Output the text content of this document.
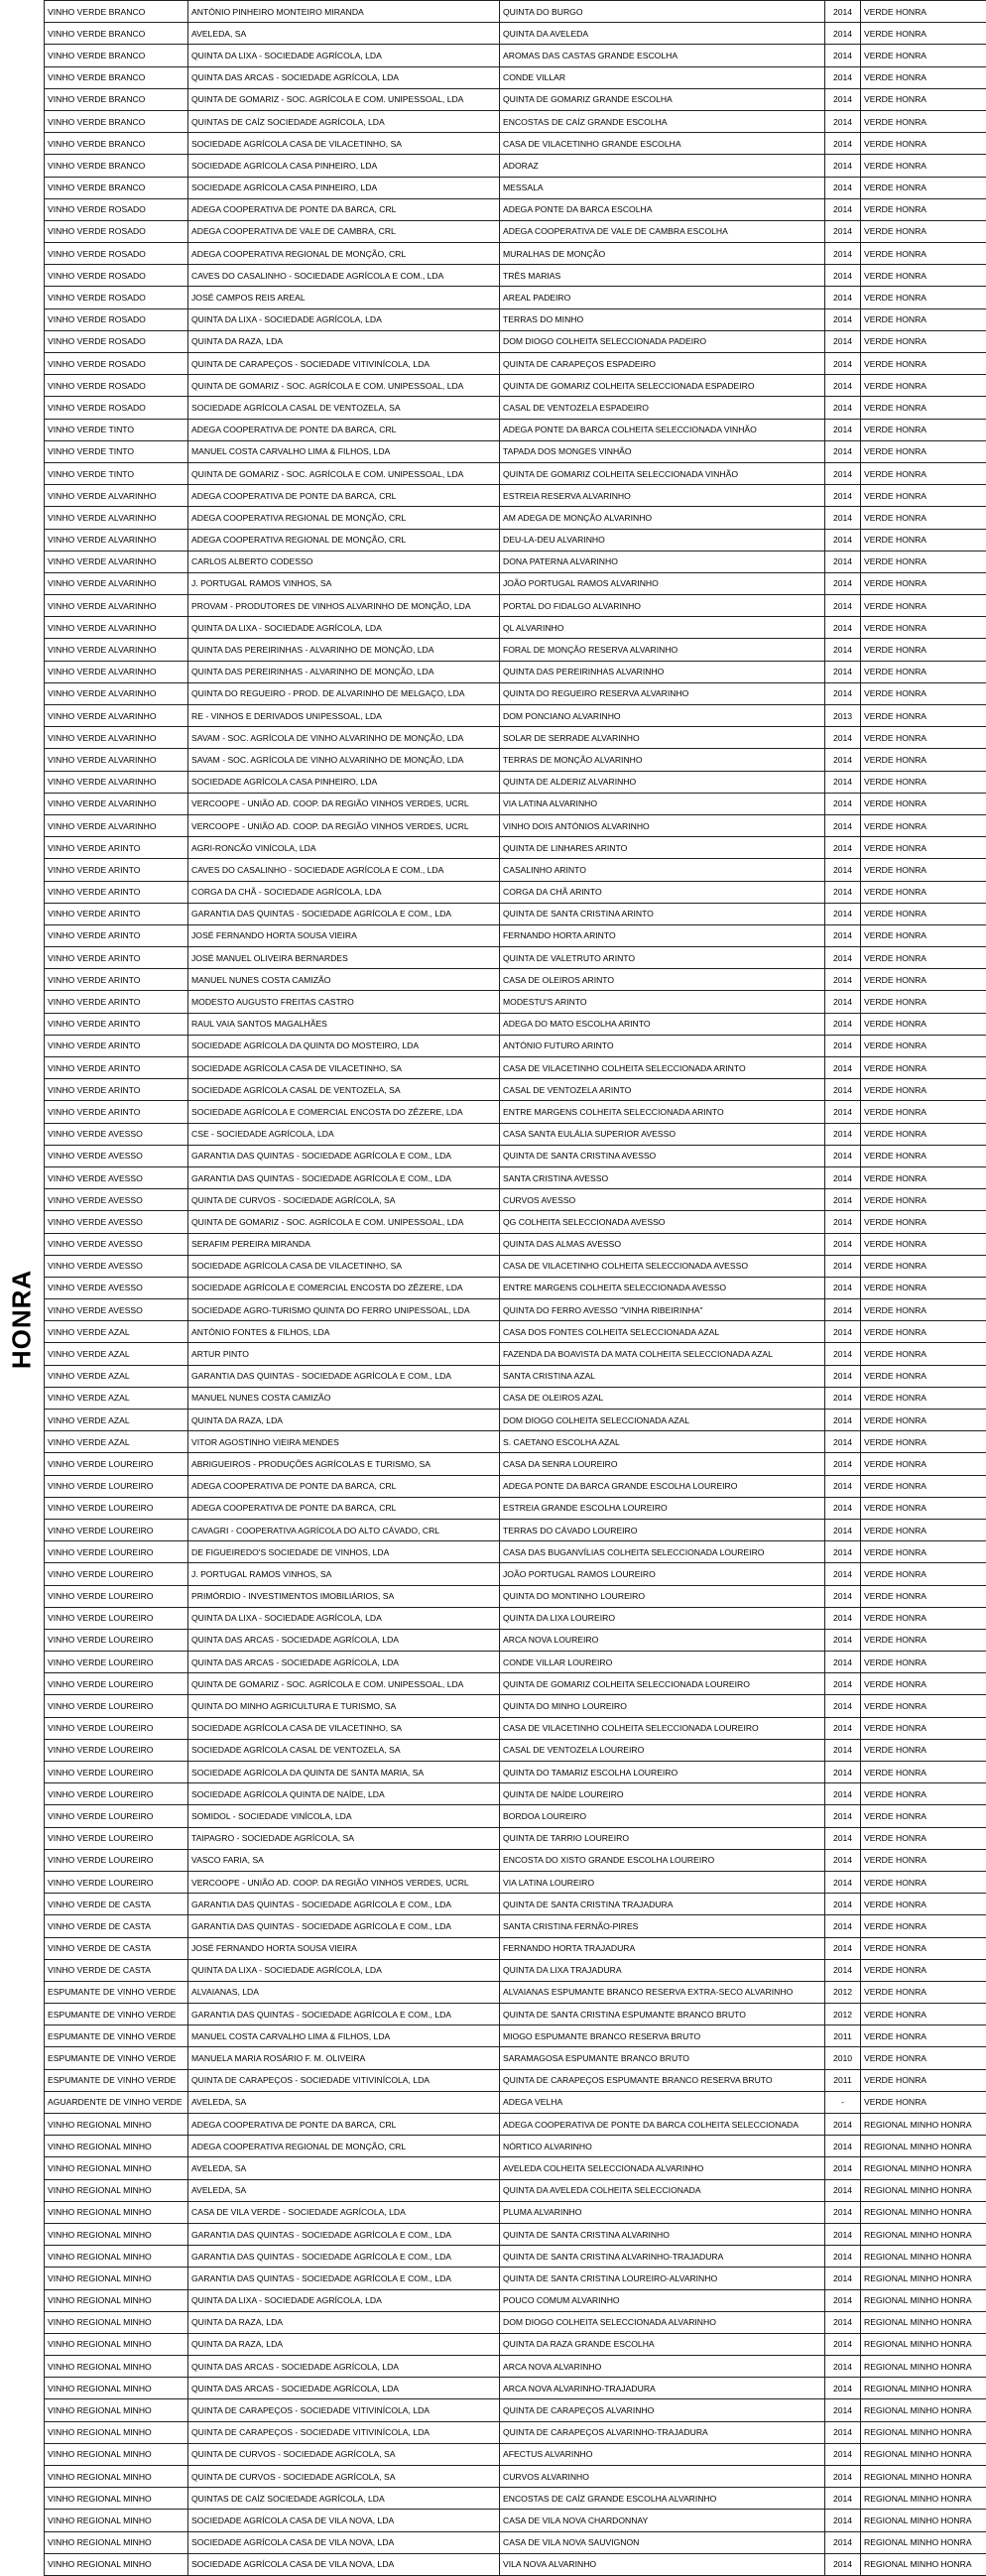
HONRA
VINHO VERDE BRANCO	ANTÓNIO PINHEIRO MONTEIRO MIRANDA	QUINTA DO BURGO	2014	VERDE HONRA
VINHO VERDE BRANCO	AVELEDA, SA	QUINTA DA AVELEDA	2014	VERDE HONRA
VINHO VERDE BRANCO	QUINTA DA LIXA - SOCIEDADE AGRÍCOLA, LDA	AROMAS DAS CASTAS GRANDE ESCOLHA	2014	VERDE HONRA
VINHO VERDE BRANCO	QUINTA DAS ARCAS - SOCIEDADE AGRÍCOLA, LDA	CONDE VILLAR	2014	VERDE HONRA
VINHO VERDE BRANCO	QUINTA DE GOMARIZ - SOC. AGRÍCOLA E COM. UNIPESSOAL, LDA	QUINTA DE GOMARIZ GRANDE ESCOLHA	2014	VERDE HONRA
VINHO VERDE BRANCO	QUINTAS DE CAÍZ SOCIEDADE AGRÍCOLA, LDA	ENCOSTAS DE CAÍZ GRANDE ESCOLHA	2014	VERDE HONRA
VINHO VERDE BRANCO	SOCIEDADE AGRÍCOLA CASA DE VILACETINHO, SA	CASA DE VILACETINHO GRANDE ESCOLHA	2014	VERDE HONRA
VINHO VERDE BRANCO	SOCIEDADE AGRÍCOLA CASA PINHEIRO, LDA	ADORAZ	2014	VERDE HONRA
VINHO VERDE BRANCO	SOCIEDADE AGRÍCOLA CASA PINHEIRO, LDA	MESSALA	2014	VERDE HONRA
VINHO VERDE ROSADO	ADEGA COOPERATIVA DE PONTE DA BARCA, CRL	ADEGA PONTE DA BARCA ESCOLHA	2014	VERDE HONRA
VINHO VERDE ROSADO	ADEGA COOPERATIVA DE VALE DE CAMBRA, CRL	ADEGA COOPERATIVA DE VALE DE CAMBRA ESCOLHA	2014	VERDE HONRA
VINHO VERDE ROSADO	ADEGA COOPERATIVA REGIONAL DE MONÇÃO, CRL	MURALHAS DE MONÇÃO	2014	VERDE HONRA
VINHO VERDE ROSADO	CAVES DO CASALINHO - SOCIEDADE AGRÍCOLA E COM., LDA	TRÊS MARIAS	2014	VERDE HONRA
VINHO VERDE ROSADO	JOSÉ CAMPOS REIS AREAL	AREAL PADEIRO	2014	VERDE HONRA
VINHO VERDE ROSADO	QUINTA DA LIXA - SOCIEDADE AGRÍCOLA, LDA	TERRAS DO MINHO	2014	VERDE HONRA
VINHO VERDE ROSADO	QUINTA DA RAZA, LDA	DOM DIOGO COLHEITA SELECCIONADA PADEIRO	2014	VERDE HONRA
VINHO VERDE ROSADO	QUINTA DE CARAPEÇOS - SOCIEDADE VITIVINÍCOLA, LDA	QUINTA DE CARAPEÇOS ESPADEIRO	2014	VERDE HONRA
VINHO VERDE ROSADO	QUINTA DE GOMARIZ - SOC. AGRÍCOLA E COM. UNIPESSOAL, LDA	QUINTA DE GOMARIZ COLHEITA SELECCIONADA ESPADEIRO	2014	VERDE HONRA
VINHO VERDE ROSADO	SOCIEDADE AGRÍCOLA CASAL DE VENTOZELA, SA	CASAL DE VENTOZELA ESPADEIRO	2014	VERDE HONRA
VINHO VERDE TINTO	ADEGA COOPERATIVA DE PONTE DA BARCA, CRL	ADEGA PONTE DA BARCA COLHEITA SELECCIONADA VINHÃO	2014	VERDE HONRA
VINHO VERDE TINTO	MANUEL COSTA CARVALHO LIMA & FILHOS, LDA	TAPADA DOS MONGES VINHÃO	2014	VERDE HONRA
VINHO VERDE TINTO	QUINTA DE GOMARIZ - SOC. AGRÍCOLA E COM. UNIPESSOAL, LDA	QUINTA DE GOMARIZ COLHEITA SELECCIONADA VINHÃO	2014	VERDE HONRA
VINHO VERDE ALVARINHO	ADEGA COOPERATIVA DE PONTE DA BARCA, CRL	ESTREIA RESERVA ALVARINHO	2014	VERDE HONRA
VINHO VERDE ALVARINHO	ADEGA COOPERATIVA REGIONAL DE MONÇÃO, CRL	AM ADEGA DE MONÇÃO ALVARINHO	2014	VERDE HONRA
VINHO VERDE ALVARINHO	ADEGA COOPERATIVA REGIONAL DE MONÇÃO, CRL	DEU-LA-DEU ALVARINHO	2014	VERDE HONRA
VINHO VERDE ALVARINHO	CARLOS ALBERTO CODESSO	DONA PATERNA ALVARINHO	2014	VERDE HONRA
VINHO VERDE ALVARINHO	J. PORTUGAL RAMOS VINHOS, SA	JOÃO PORTUGAL RAMOS ALVARINHO	2014	VERDE HONRA
VINHO VERDE ALVARINHO	PROVAM - PRODUTORES DE VINHOS ALVARINHO DE MONÇÃO, LDA	PORTAL DO FIDALGO ALVARINHO	2014	VERDE HONRA
VINHO VERDE ALVARINHO	QUINTA DA LIXA - SOCIEDADE AGRÍCOLA, LDA	QL ALVARINHO	2014	VERDE HONRA
VINHO VERDE ALVARINHO	QUINTA DAS PEREIRINHAS - ALVARINHO DE MONÇÃO, LDA	FORAL DE MONÇÃO RESERVA ALVARINHO	2014	VERDE HONRA
VINHO VERDE ALVARINHO	QUINTA DAS PEREIRINHAS - ALVARINHO DE MONÇÃO, LDA	QUINTA DAS PEREIRINHAS ALVARINHO	2014	VERDE HONRA
VINHO VERDE ALVARINHO	QUINTA DO REGUEIRO - PROD. DE ALVARINHO DE MELGAÇO, LDA	QUINTA DO REGUEIRO RESERVA ALVARINHO	2014	VERDE HONRA
VINHO VERDE ALVARINHO	RE - VINHOS E DERIVADOS UNIPESSOAL, LDA	DOM PONCIANO ALVARINHO	2013	VERDE HONRA
VINHO VERDE ALVARINHO	SAVAM - SOC. AGRÍCOLA DE VINHO ALVARINHO DE MONÇÃO, LDA	SOLAR DE SERRADE ALVARINHO	2014	VERDE HONRA
VINHO VERDE ALVARINHO	SAVAM - SOC. AGRÍCOLA DE VINHO ALVARINHO DE MONÇÃO, LDA	TERRAS DE MONÇÃO ALVARINHO	2014	VERDE HONRA
VINHO VERDE ALVARINHO	SOCIEDADE AGRÍCOLA CASA PINHEIRO, LDA	QUINTA DE ALDERIZ ALVARINHO	2014	VERDE HONRA
VINHO VERDE ALVARINHO	VERCOOPE - UNIÃO AD. COOP. DA REGIÃO VINHOS VERDES, UCRL	VIA LATINA ALVARINHO	2014	VERDE HONRA
VINHO VERDE ALVARINHO	VERCOOPE - UNIÃO AD. COOP. DA REGIÃO VINHOS VERDES, UCRL	VINHO DOIS ANTÓNIOS ALVARINHO	2014	VERDE HONRA
VINHO VERDE ARINTO	AGRI-RONCÃO VINÍCOLA, LDA	QUINTA DE LINHARES ARINTO	2014	VERDE HONRA
VINHO VERDE ARINTO	CAVES DO CASALINHO - SOCIEDADE AGRÍCOLA E COM., LDA	CASALINHO ARINTO	2014	VERDE HONRA
VINHO VERDE ARINTO	CORGA DA CHÃ - SOCIEDADE AGRÍCOLA, LDA	CORGA DA CHÃ ARINTO	2014	VERDE HONRA
VINHO VERDE ARINTO	GARANTIA DAS QUINTAS - SOCIEDADE AGRÍCOLA E COM., LDA	QUINTA DE SANTA CRISTINA ARINTO	2014	VERDE HONRA
VINHO VERDE ARINTO	JOSÉ FERNANDO HORTA SOUSA VIEIRA	FERNANDO HORTA ARINTO	2014	VERDE HONRA
VINHO VERDE ARINTO	JOSÉ MANUEL OLIVEIRA BERNARDES	QUINTA DE VALETRUTO ARINTO	2014	VERDE HONRA
VINHO VERDE ARINTO	MANUEL NUNES COSTA CAMIZÃO	CASA DE OLEIROS ARINTO	2014	VERDE HONRA
VINHO VERDE ARINTO	MODESTO AUGUSTO FREITAS CASTRO	MODESTU'S ARINTO	2014	VERDE HONRA
VINHO VERDE ARINTO	RAUL VAIA SANTOS MAGALHÃES	ADEGA DO MATO ESCOLHA ARINTO	2014	VERDE HONRA
VINHO VERDE ARINTO	SOCIEDADE AGRÍCOLA DA QUINTA DO MOSTEIRO, LDA	ANTÓNIO FUTURO ARINTO	2014	VERDE HONRA
VINHO VERDE ARINTO	SOCIEDADE AGRÍCOLA CASA DE VILACETINHO, SA	CASA DE VILACETINHO COLHEITA SELECCIONADA ARINTO	2014	VERDE HONRA
VINHO VERDE ARINTO	SOCIEDADE AGRÍCOLA CASAL DE VENTOZELA, SA	CASAL DE VENTOZELA ARINTO	2014	VERDE HONRA
VINHO VERDE ARINTO	SOCIEDADE AGRÍCOLA E COMERCIAL ENCOSTA DO ZÊZERE, LDA	ENTRE MARGENS COLHEITA SELECCIONADA ARINTO	2014	VERDE HONRA
VINHO VERDE AVESSO	CSE - SOCIEDADE AGRÍCOLA, LDA	CASA SANTA EULÁLIA SUPERIOR AVESSO	2014	VERDE HONRA
VINHO VERDE AVESSO	GARANTIA DAS QUINTAS - SOCIEDADE AGRÍCOLA E COM., LDA	QUINTA DE SANTA CRISTINA AVESSO	2014	VERDE HONRA
VINHO VERDE AVESSO	GARANTIA DAS QUINTAS - SOCIEDADE AGRÍCOLA E COM., LDA	SANTA CRISTINA AVESSO	2014	VERDE HONRA
VINHO VERDE AVESSO	QUINTA DE CURVOS - SOCIEDADE AGRÍCOLA, SA	CURVOS AVESSO	2014	VERDE HONRA
VINHO VERDE AVESSO	QUINTA DE GOMARIZ - SOC. AGRÍCOLA E COM. UNIPESSOAL, LDA	QG COLHEITA SELECCIONADA AVESSO	2014	VERDE HONRA
VINHO VERDE AVESSO	SERAFIM PEREIRA MIRANDA	QUINTA DAS ALMAS AVESSO	2014	VERDE HONRA
VINHO VERDE AVESSO	SOCIEDADE AGRÍCOLA CASA DE VILACETINHO, SA	CASA DE VILACETINHO COLHEITA SELECCIONADA AVESSO	2014	VERDE HONRA
VINHO VERDE AVESSO	SOCIEDADE AGRÍCOLA E COMERCIAL ENCOSTA DO ZÊZERE, LDA	ENTRE MARGENS COLHEITA SELECCIONADA AVESSO	2014	VERDE HONRA
VINHO VERDE AVESSO	SOCIEDADE AGRO-TURISMO QUINTA DO FERRO UNIPESSOAL, LDA	QUINTA DO FERRO AVESSO "VINHA RIBEIRINHA"	2014	VERDE HONRA
VINHO VERDE AZAL	ANTÓNIO FONTES & FILHOS, LDA	CASA DOS FONTES COLHEITA SELECCIONADA AZAL	2014	VERDE HONRA
VINHO VERDE AZAL	ARTUR PINTO	FAZENDA DA BOAVISTA DA MATA COLHEITA SELECCIONADA AZAL	2014	VERDE HONRA
VINHO VERDE AZAL	GARANTIA DAS QUINTAS - SOCIEDADE AGRÍCOLA E COM., LDA	SANTA CRISTINA AZAL	2014	VERDE HONRA
VINHO VERDE AZAL	MANUEL NUNES COSTA CAMIZÃO	CASA DE OLEIROS AZAL	2014	VERDE HONRA
VINHO VERDE AZAL	QUINTA DA RAZA, LDA	DOM DIOGO COLHEITA SELECCIONADA AZAL	2014	VERDE HONRA
VINHO VERDE AZAL	VITOR AGOSTINHO VIEIRA MENDES	S. CAETANO ESCOLHA AZAL	2014	VERDE HONRA
VINHO VERDE LOUREIRO	ABRIGUEIROS - PRODUÇÕES AGRÍCOLAS E TURISMO, SA	CASA DA SENRA LOUREIRO	2014	VERDE HONRA
VINHO VERDE LOUREIRO	ADEGA COOPERATIVA DE PONTE DA BARCA, CRL	ADEGA PONTE DA BARCA GRANDE ESCOLHA LOUREIRO	2014	VERDE HONRA
VINHO VERDE LOUREIRO	ADEGA COOPERATIVA DE PONTE DA BARCA, CRL	ESTREIA GRANDE ESCOLHA LOUREIRO	2014	VERDE HONRA
VINHO VERDE LOUREIRO	CAVAGRI - COOPERATIVA AGRÍCOLA DO ALTO CÁVADO, CRL	TERRAS DO CÁVADO LOUREIRO	2014	VERDE HONRA
VINHO VERDE LOUREIRO	DE FIGUEIREDO'S SOCIEDADE DE VINHOS, LDA	CASA DAS BUGANVÍLIAS COLHEITA SELECCIONADA LOUREIRO	2014	VERDE HONRA
VINHO VERDE LOUREIRO	J. PORTUGAL RAMOS VINHOS, SA	JOÃO PORTUGAL RAMOS LOUREIRO	2014	VERDE HONRA
VINHO VERDE LOUREIRO	PRIMÓRDIO - INVESTIMENTOS IMOBILIÁRIOS, SA	QUINTA DO MONTINHO LOUREIRO	2014	VERDE HONRA
VINHO VERDE LOUREIRO	QUINTA DA LIXA - SOCIEDADE AGRÍCOLA, LDA	QUINTA DA LIXA LOUREIRO	2014	VERDE HONRA
VINHO VERDE LOUREIRO	QUINTA DAS ARCAS - SOCIEDADE AGRÍCOLA, LDA	ARCA NOVA LOUREIRO	2014	VERDE HONRA
VINHO VERDE LOUREIRO	QUINTA DAS ARCAS - SOCIEDADE AGRÍCOLA, LDA	CONDE VILLAR LOUREIRO	2014	VERDE HONRA
VINHO VERDE LOUREIRO	QUINTA DE GOMARIZ - SOC. AGRÍCOLA E COM. UNIPESSOAL, LDA	QUINTA DE GOMARIZ COLHEITA SELECCIONADA LOUREIRO	2014	VERDE HONRA
VINHO VERDE LOUREIRO	QUINTA DO MINHO AGRICULTURA E TURISMO, SA	QUINTA DO MINHO LOUREIRO	2014	VERDE HONRA
VINHO VERDE LOUREIRO	SOCIEDADE AGRÍCOLA CASA DE VILACETINHO, SA	CASA DE VILACETINHO COLHEITA SELECCIONADA LOUREIRO	2014	VERDE HONRA
VINHO VERDE LOUREIRO	SOCIEDADE AGRÍCOLA CASAL DE VENTOZELA, SA	CASAL DE VENTOZELA LOUREIRO	2014	VERDE HONRA
VINHO VERDE LOUREIRO	SOCIEDADE AGRÍCOLA DA QUINTA DE SANTA MARIA, SA	QUINTA DO TAMARIZ ESCOLHA LOUREIRO	2014	VERDE HONRA
VINHO VERDE LOUREIRO	SOCIEDADE AGRÍCOLA QUINTA DE NAÍDE, LDA	QUINTA DE NAÍDE LOUREIRO	2014	VERDE HONRA
VINHO VERDE LOUREIRO	SOMIDOL - SOCIEDADE VINÍCOLA, LDA	BORDOA LOUREIRO	2014	VERDE HONRA
VINHO VERDE LOUREIRO	TAIPAGRO - SOCIEDADE AGRÍCOLA, SA	QUINTA DE TARRIO LOUREIRO	2014	VERDE HONRA
VINHO VERDE LOUREIRO	VASCO FARIA, SA	ENCOSTA DO XISTO GRANDE ESCOLHA LOUREIRO	2014	VERDE HONRA
VINHO VERDE LOUREIRO	VERCOOPE - UNIÃO AD. COOP. DA REGIÃO VINHOS VERDES, UCRL	VIA LATINA LOUREIRO	2014	VERDE HONRA
VINHO VERDE DE CASTA	GARANTIA DAS QUINTAS - SOCIEDADE AGRÍCOLA E COM., LDA	QUINTA DE SANTA CRISTINA TRAJADURA	2014	VERDE HONRA
VINHO VERDE DE CASTA	GARANTIA DAS QUINTAS - SOCIEDADE AGRÍCOLA E COM., LDA	SANTA CRISTINA FERNÃO-PIRES	2014	VERDE HONRA
VINHO VERDE DE CASTA	JOSÉ FERNANDO HORTA SOUSA VIEIRA	FERNANDO HORTA TRAJADURA	2014	VERDE HONRA
VINHO VERDE DE CASTA	QUINTA DA LIXA - SOCIEDADE AGRÍCOLA, LDA	QUINTA DA LIXA TRAJADURA	2014	VERDE HONRA
ESPUMANTE DE VINHO VERDE	ALVAIANAS, LDA	ALVAIANAS ESPUMANTE BRANCO RESERVA EXTRA-SECO ALVARINHO	2012	VERDE HONRA
ESPUMANTE DE VINHO VERDE	GARANTIA DAS QUINTAS - SOCIEDADE AGRÍCOLA E COM., LDA	QUINTA DE SANTA CRISTINA ESPUMANTE BRANCO BRUTO	2012	VERDE HONRA
ESPUMANTE DE VINHO VERDE	MANUEL COSTA CARVALHO LIMA & FILHOS, LDA	MIOGO ESPUMANTE BRANCO RESERVA BRUTO	2011	VERDE HONRA
ESPUMANTE DE VINHO VERDE	MANUELA MARIA ROSÁRIO F. M. OLIVEIRA	SARAMAGOSA ESPUMANTE BRANCO BRUTO	2010	VERDE HONRA
ESPUMANTE DE VINHO VERDE	QUINTA DE CARAPEÇOS - SOCIEDADE VITIVINÍCOLA, LDA	QUINTA DE CARAPEÇOS ESPUMANTE BRANCO RESERVA BRUTO	2011	VERDE HONRA
AGUARDENTE DE VINHO VERDE	AVELEDA, SA	ADEGA VELHA	-	VERDE HONRA
VINHO REGIONAL MINHO	ADEGA COOPERATIVA DE PONTE DA BARCA, CRL	ADEGA COOPERATIVA DE PONTE DA BARCA COLHEITA SELECCIONADA	2014	REGIONAL MINHO HONRA
VINHO REGIONAL MINHO	ADEGA COOPERATIVA REGIONAL DE MONÇÃO, CRL	NÓRTICO ALVARINHO	2014	REGIONAL MINHO HONRA
VINHO REGIONAL MINHO	AVELEDA, SA	AVELEDA COLHEITA SELECCIONADA ALVARINHO	2014	REGIONAL MINHO HONRA
VINHO REGIONAL MINHO	AVELEDA, SA	QUINTA DA AVELEDA COLHEITA SELECCIONADA	2014	REGIONAL MINHO HONRA
VINHO REGIONAL MINHO	CASA DE VILA VERDE - SOCIEDADE AGRÍCOLA, LDA	PLUMA ALVARINHO	2014	REGIONAL MINHO HONRA
VINHO REGIONAL MINHO	GARANTIA DAS QUINTAS - SOCIEDADE AGRÍCOLA E COM., LDA	QUINTA DE SANTA CRISTINA ALVARINHO	2014	REGIONAL MINHO HONRA
VINHO REGIONAL MINHO	GARANTIA DAS QUINTAS - SOCIEDADE AGRÍCOLA E COM., LDA	QUINTA DE SANTA CRISTINA ALVARINHO-TRAJADURA	2014	REGIONAL MINHO HONRA
VINHO REGIONAL MINHO	GARANTIA DAS QUINTAS - SOCIEDADE AGRÍCOLA E COM., LDA	QUINTA DE SANTA CRISTINA LOUREIRO-ALVARINHO	2014	REGIONAL MINHO HONRA
VINHO REGIONAL MINHO	QUINTA DA LIXA - SOCIEDADE AGRÍCOLA, LDA	POUCO COMUM ALVARINHO	2014	REGIONAL MINHO HONRA
VINHO REGIONAL MINHO	QUINTA DA RAZA, LDA	DOM DIOGO COLHEITA SELECCIONADA ALVARINHO	2014	REGIONAL MINHO HONRA
VINHO REGIONAL MINHO	QUINTA DA RAZA, LDA	QUINTA DA RAZA GRANDE ESCOLHA	2014	REGIONAL MINHO HONRA
VINHO REGIONAL MINHO	QUINTA DAS ARCAS - SOCIEDADE AGRÍCOLA, LDA	ARCA NOVA ALVARINHO	2014	REGIONAL MINHO HONRA
VINHO REGIONAL MINHO	QUINTA DAS ARCAS - SOCIEDADE AGRÍCOLA, LDA	ARCA NOVA ALVARINHO-TRAJADURA	2014	REGIONAL MINHO HONRA
VINHO REGIONAL MINHO	QUINTA DE CARAPEÇOS - SOCIEDADE VITIVINÍCOLA, LDA	QUINTA DE CARAPEÇOS ALVARINHO	2014	REGIONAL MINHO HONRA
VINHO REGIONAL MINHO	QUINTA DE CARAPEÇOS - SOCIEDADE VITIVINÍCOLA, LDA	QUINTA DE CARAPEÇOS ALVARINHO-TRAJADURA	2014	REGIONAL MINHO HONRA
VINHO REGIONAL MINHO	QUINTA DE CURVOS - SOCIEDADE AGRÍCOLA, SA	AFECTUS ALVARINHO	2014	REGIONAL MINHO HONRA
VINHO REGIONAL MINHO	QUINTA DE CURVOS - SOCIEDADE AGRÍCOLA, SA	CURVOS ALVARINHO	2014	REGIONAL MINHO HONRA
VINHO REGIONAL MINHO	QUINTAS DE CAÍZ SOCIEDADE AGRÍCOLA, LDA	ENCOSTAS DE CAÍZ GRANDE ESCOLHA ALVARINHO	2014	REGIONAL MINHO HONRA
VINHO REGIONAL MINHO	SOCIEDADE AGRÍCOLA CASA DE VILA NOVA, LDA	CASA DE VILA NOVA CHARDONNAY	2014	REGIONAL MINHO HONRA
VINHO REGIONAL MINHO	SOCIEDADE AGRÍCOLA CASA DE VILA NOVA, LDA	CASA DE VILA NOVA SAUVIGNON	2014	REGIONAL MINHO HONRA
VINHO REGIONAL MINHO	SOCIEDADE AGRÍCOLA CASA DE VILA NOVA, LDA	VILA NOVA ALVARINHO	2014	REGIONAL MINHO HONRA
